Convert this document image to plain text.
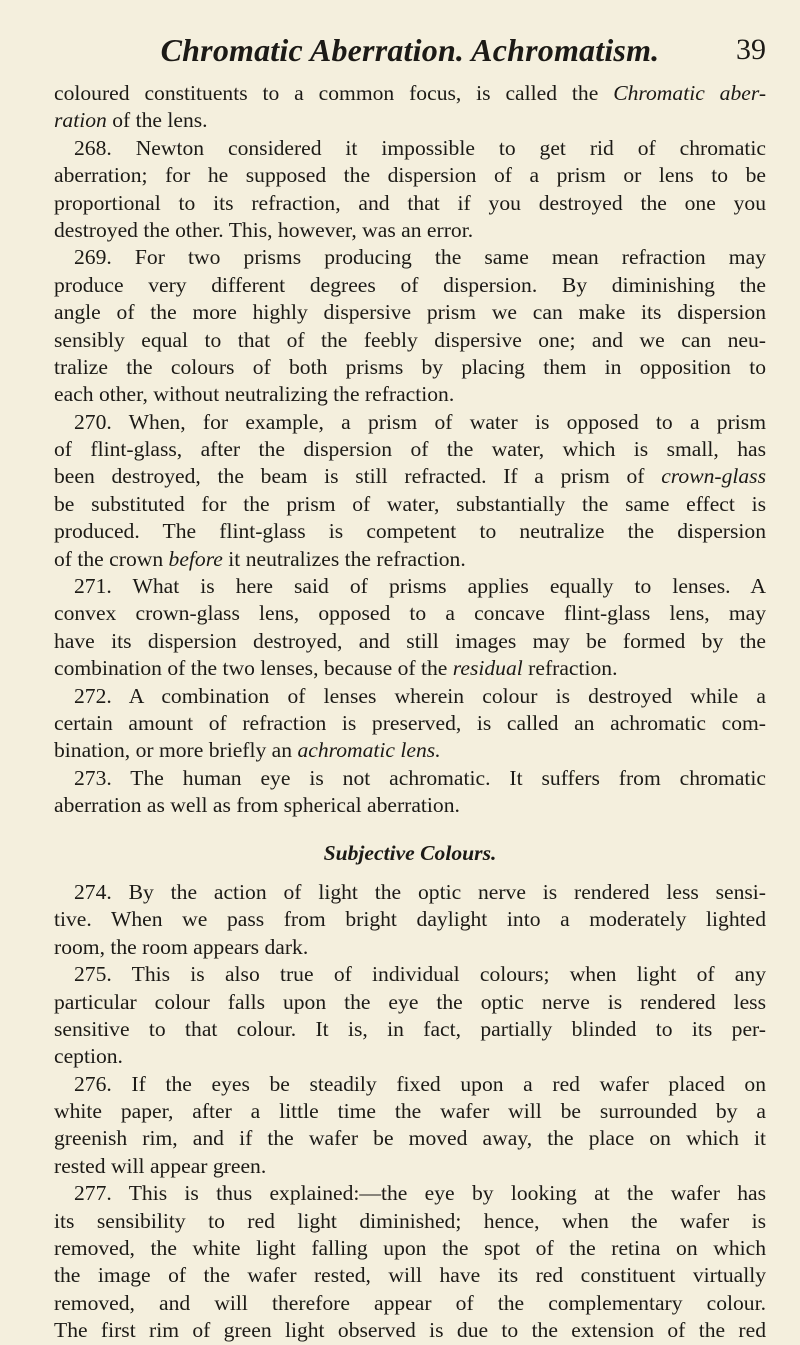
Chromatic Aberration. Achromatism.	39
coloured constituents to a common focus, is called the Chromatic aber-
ration of the lens.
268. Newton considered it impossible to get rid of chromatic
aberration; for he supposed the dispersion of a prism or lens to be
proportional to its refraction, and that if you destroyed the one you
destroyed the other. This, however, was an error.
269. For two prisms producing the same mean refraction may
produce very different degrees of dispersion. By diminishing the
angle of the more highly dispersive prism we can make its dispersion
sensibly equal to that of the feebly dispersive one; and we can neu-
tralize the colours of both prisms by placing them in opposition to
each other, without neutralizing the refraction.
270. When, for example, a prism of water is opposed to a prism
of flint-glass, after the dispersion of the water, which is small, has
been destroyed, the beam is still refracted. If a prism of crown-glass
be substituted for the prism of water, substantially the same effect is
produced. The flint-glass is competent to neutralize the dispersion
of the crown before it neutralizes the refraction.
271. What is here said of prisms applies equally to lenses. A
convex crown-glass lens, opposed to a concave flint-glass lens, may
have its dispersion destroyed, and still images may be formed by the
combination of the two lenses, because of the residual refraction.
272. A combination of lenses wherein colour is destroyed while a
certain amount of refraction is preserved, is called an achromatic com-
bination, or more briefly an achromatic lens.
273. The human eye is not achromatic. It suffers from chromatic
aberration as well as from spherical aberration.
Subjective Colours.
274. By the action of light the optic nerve is rendered less sensi-
tive. When we pass from bright daylight into a moderately lighted
room, the room appears dark.
275. This is also true of individual colours; when light of any
particular colour falls upon the eye the optic nerve is rendered less
sensitive to that colour. It is, in fact, partially blinded to its per-
ception.
276. If the eyes be steadily fixed upon a red wafer placed on
white paper, after a little time the wafer will be surrounded by a
greenish rim, and if the wafer be moved away, the place on which it
rested will appear green.
277. This is thus explained:—the eye by looking at the wafer has
its sensibility to red light diminished; hence, when the wafer is
removed, the white light falling upon the spot of the retina on which
the image of the wafer rested, will have its red constituent virtually
removed, and will therefore appear of the complementary colour.
The first rim of green light observed is due to the extension of the red
